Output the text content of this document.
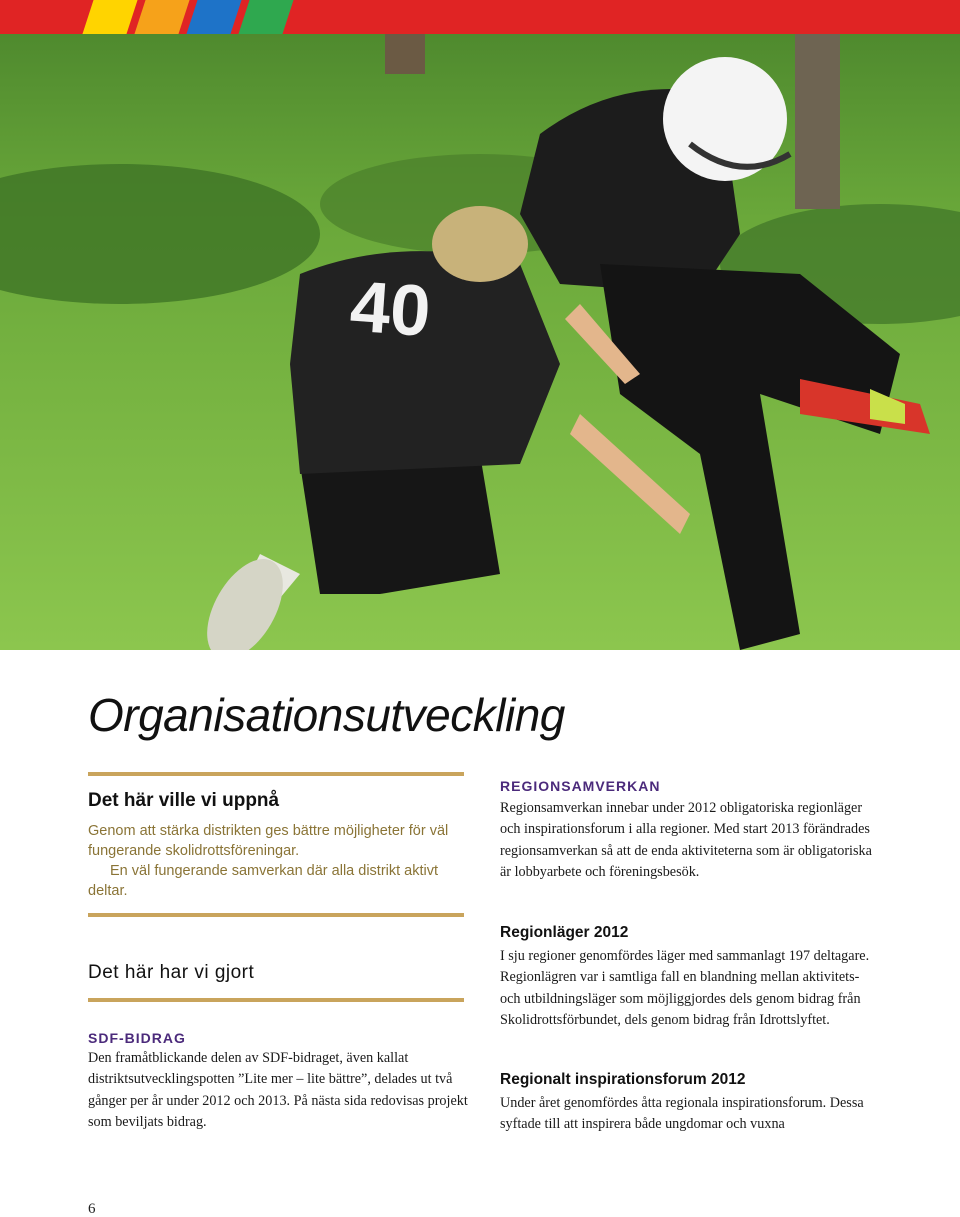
40
Organisationsutveckling
Det här ville vi uppnå
Genom att stärka distrikten ges bättre möjligheter för väl fungerande skolidrottsföreningar.
En väl fungerande samverkan där alla distrikt aktivt deltar.
Det här har vi gjort
SDF-BIDRAG

Den framåtblickande delen av SDF-bidraget, även kallat distriktsutvecklingspotten ”Lite mer – lite bättre”, delades ut två gånger per år under 2012 och 2013. På nästa sida redovisas projekt som beviljats bidrag.

REGIONSAMVERKAN

Regionsamverkan innebar under 2012 obligatoriska regionläger och inspirationsforum i alla regioner. Med start 2013 förändrades regionsamverkan så att de enda aktiviteterna som är obligatoriska är lobbyarbete och föreningsbesök.

Regionläger 2012

I sju regioner genomfördes läger med sammanlagt 197 deltagare. Regionlägren var i samtliga fall en blandning mellan aktivitets- och utbildningsläger som möjliggjordes dels genom bidrag från Skolidrottsförbundet, dels genom bidrag från Idrottslyftet.

Regionalt inspirationsforum 2012

Under året genomfördes åtta regionala inspirationsforum. Dessa syftade till att inspirera både ungdomar och vuxna

6
